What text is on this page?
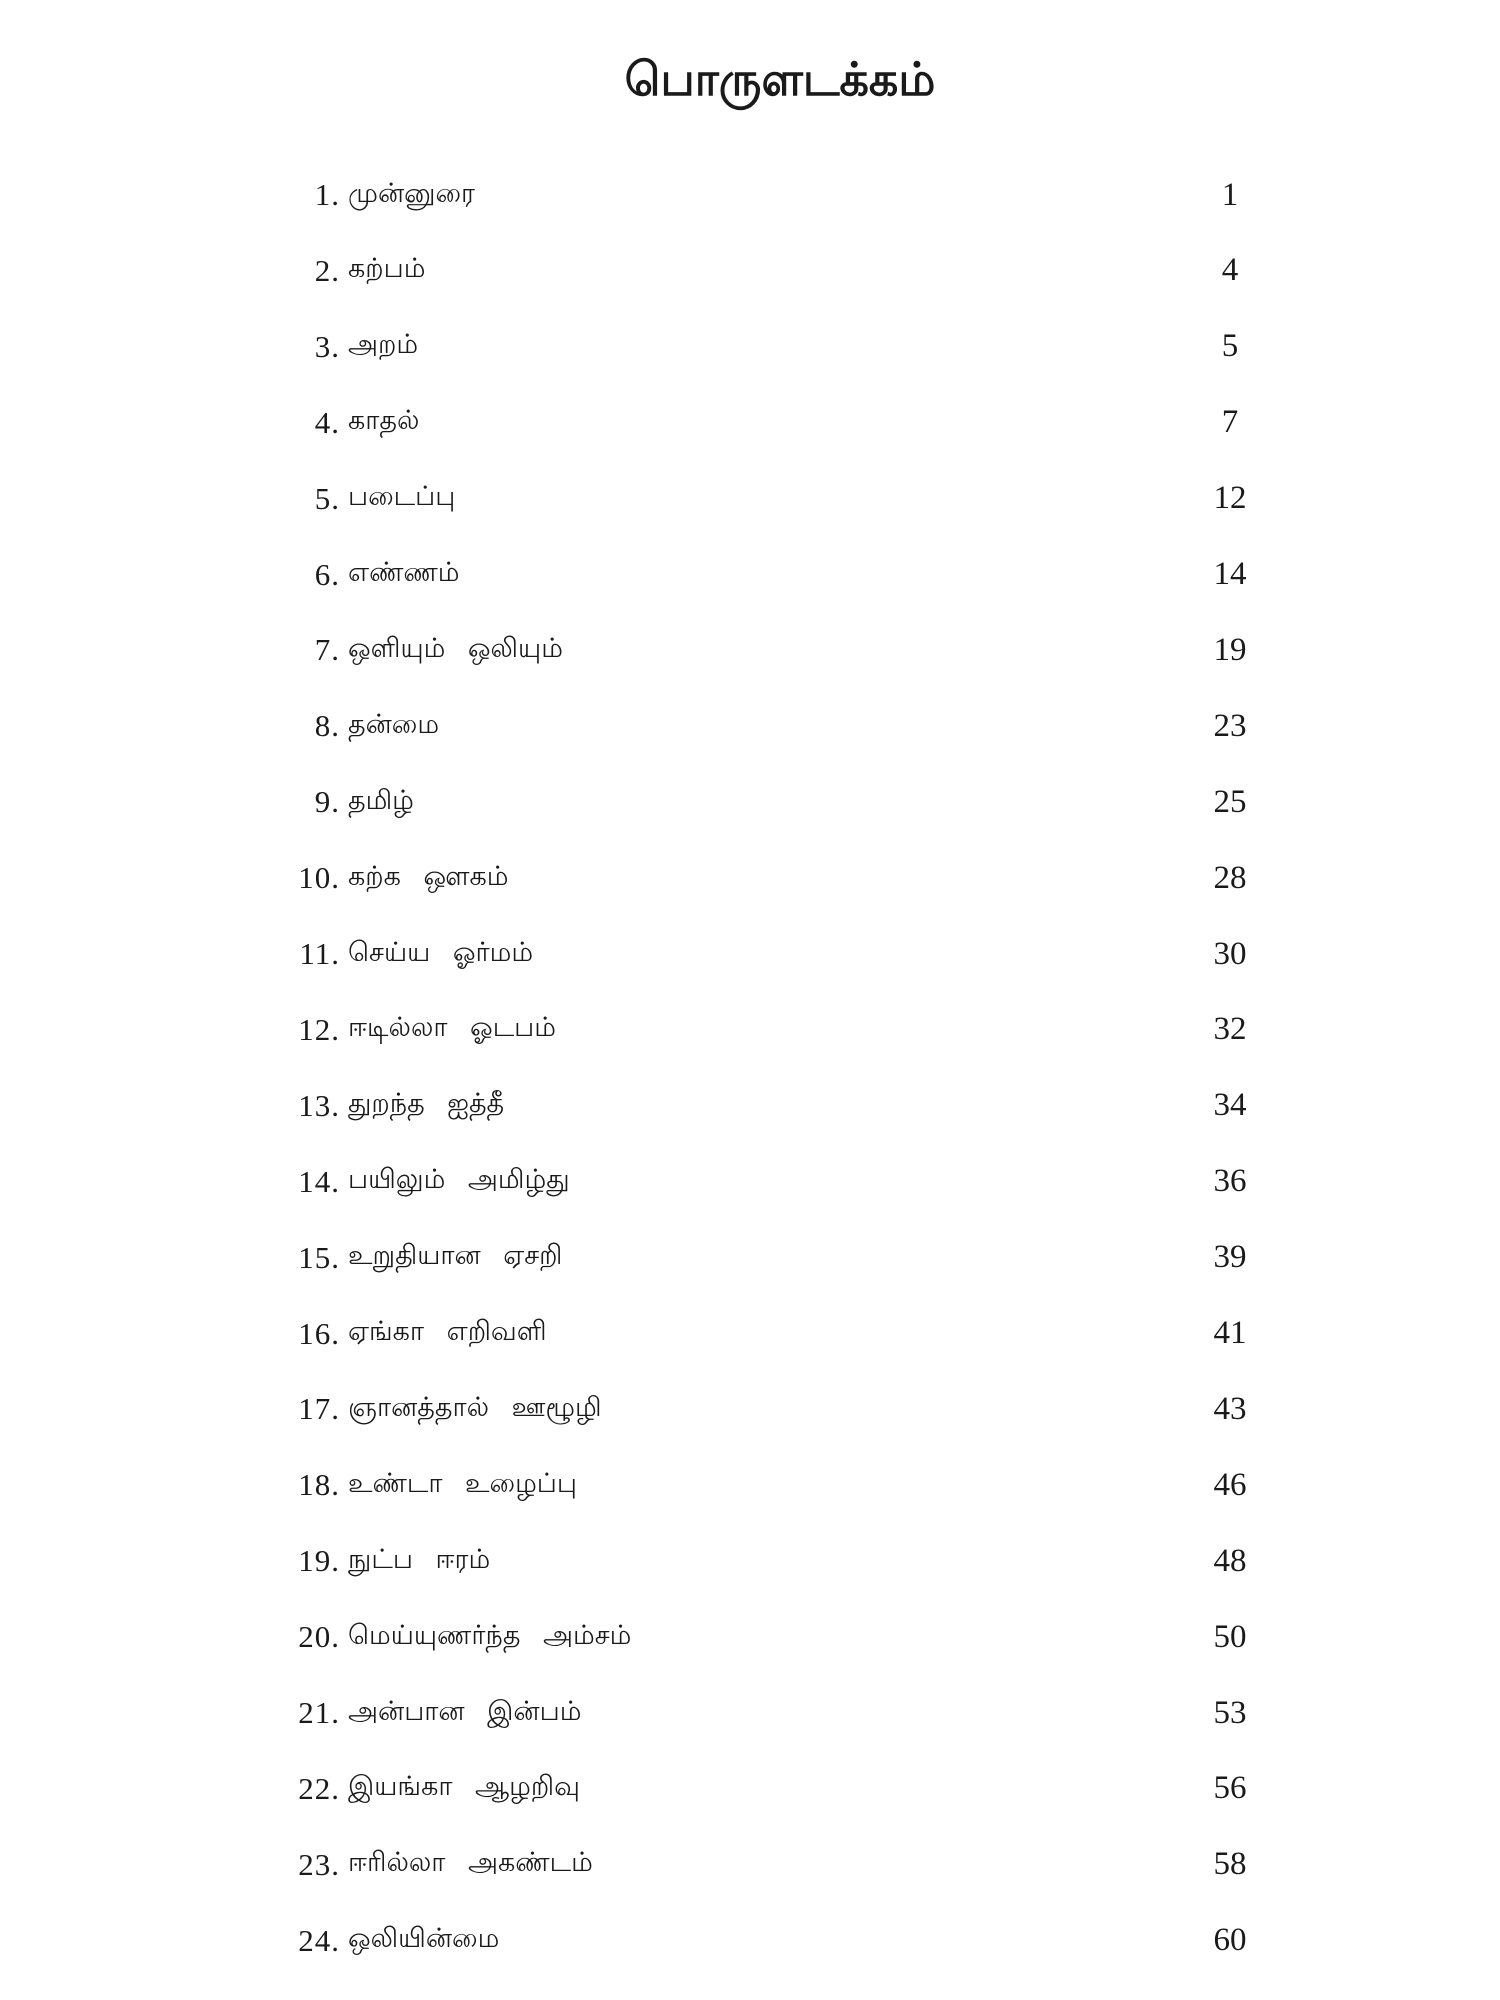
பொருளடக்கம்
1. முன்னுரை	1
2. கற்பம்	4
3. அறம்	5
4. காதல்	7
5. படைப்பு	12
6. எண்ணம்	14
7. ஒளியும் ஒலியும்	19
8. தன்மை	23
9. தமிழ்	25
10. கற்க ஔகம்	28
11. செய்ய ஓர்மம்	30
12. ஈடில்லா ஓடபம்	32
13. துறந்த ஐத்தீ	34
14. பயிலும் அமிழ்து	36
15. உறுதியான ஏசறி	39
16. ஏங்கா எறிவளி	41
17. ஞானத்தால் ஊழூழி	43
18. உண்டா உழைப்பு	46
19. நுட்ப ஈரம்	48
20. மெய்யுணர்ந்த அம்சம்	50
21. அன்பான இன்பம்	53
22. இயங்கா ஆழறிவு	56
23. ஈரில்லா அகண்டம்	58
24. ஒலியின்மை	60
